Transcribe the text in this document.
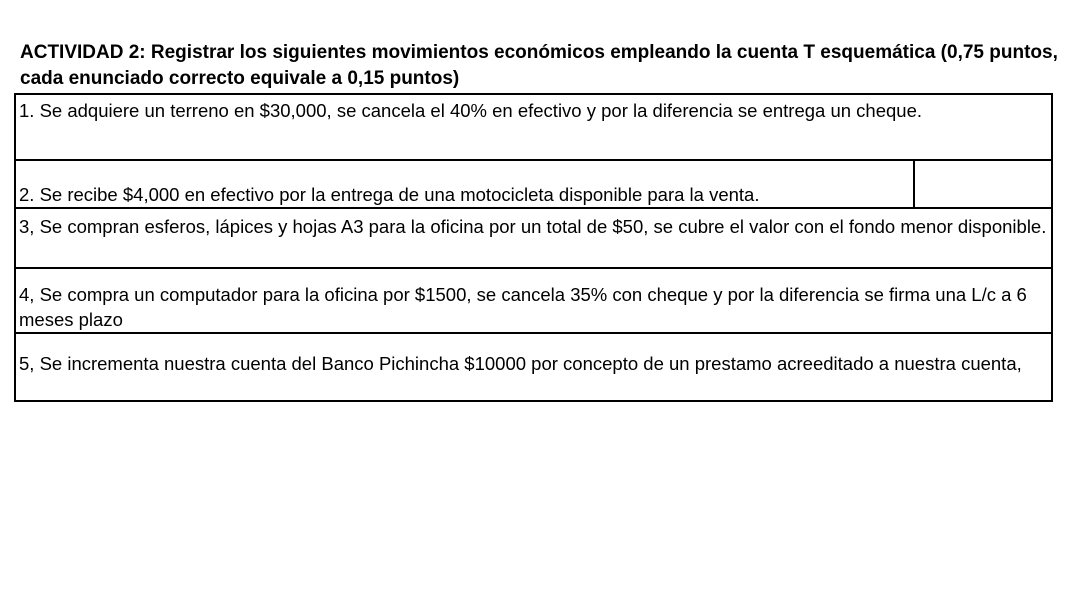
ACTIVIDAD 2: Registrar los siguientes movimientos económicos empleando la cuenta T esquemática (0,75 puntos, cada enunciado correcto equivale a 0,15 puntos)
1. Se adquiere un terreno en $30,000, se cancela el 40% en efectivo y por la diferencia se entrega un cheque.
2. Se recibe $4,000 en efectivo por la entrega de una motocicleta disponible para la venta.
3, Se compran esferos, lápices y hojas A3 para la oficina por un total de $50, se cubre el valor con el fondo menor disponible.
4, Se compra un computador para la oficina por $1500, se cancela 35% con cheque y por la diferencia se firma una L/c a 6 meses plazo
5, Se incrementa nuestra cuenta del Banco Pichincha $10000 por concepto de un prestamo acreeditado a nuestra cuenta,
